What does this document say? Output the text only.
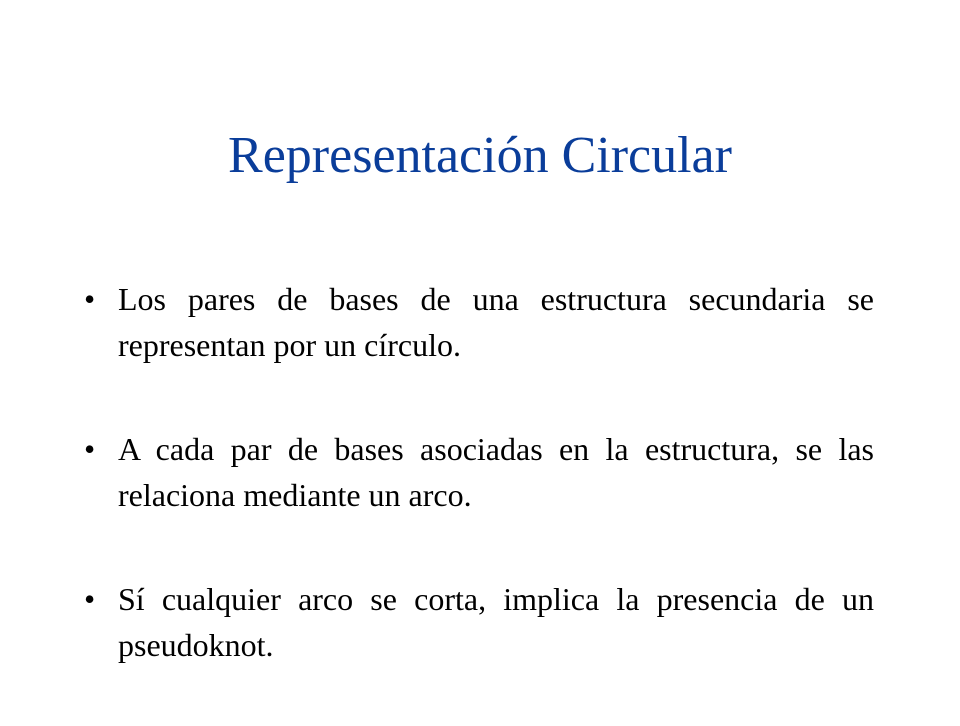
Representación Circular
• Los pares de bases de una estructura secundaria se representan por un círculo.
• A cada par de bases asociadas en la estructura, se las relaciona mediante un arco.
• Sí cualquier arco se corta, implica la presencia de un pseudoknot.
